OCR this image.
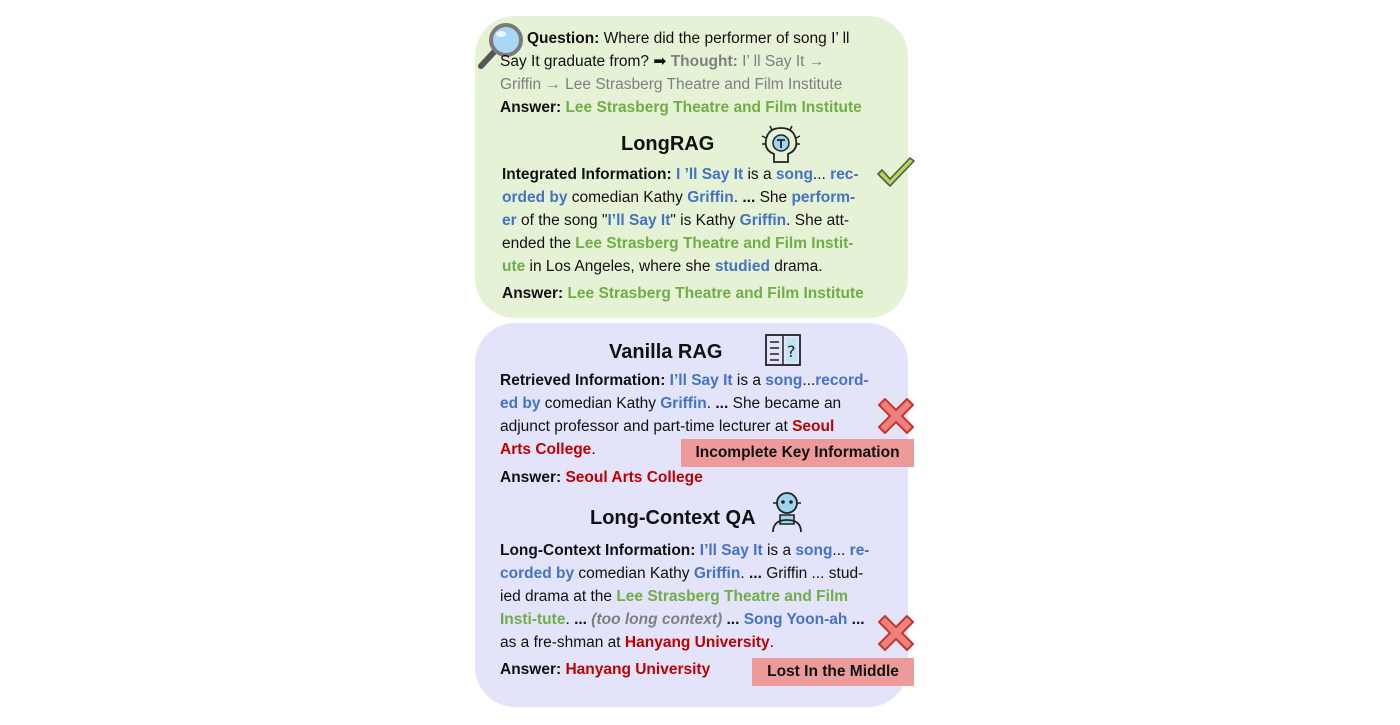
Question: Where did the performer of song I’ ll
Say It graduate from? ➡ Thought: I’ ll Say It →
Griffin → Lee Strasberg Theatre and Film Institute
Answer: Lee Strasberg Theatre and Film Institute
LongRAG
Integrated Information: I ’ll Say It is a song... rec-
orded by comedian Kathy Griffin. ... She perform-
er of the song "I’ll Say It" is Kathy Griffin. She att-
ended the Lee Strasberg Theatre and Film Instit-
ute in Los Angeles, where she studied drama.
Answer: Lee Strasberg Theatre and Film Institute
Vanilla RAG	?
Retrieved Information: I’ll Say It is a song...record-
ed by comedian Kathy Griffin. ... She became an
adjunct professor and part-time lecturer at Seoul
Arts College.	Incomplete Key Information
Answer: Seoul Arts College
Long-Context QA
Long-Context Information: I’ll Say It is a song... re-
corded by comedian Kathy Griffin. ... Griffin ... stud-
ied drama at the Lee Strasberg Theatre and Film
Insti-tute. ... (too long context) ... Song Yoon-ah ...
as a fre-shman at Hanyang University.
Answer: Hanyang University	Lost In the Middle
